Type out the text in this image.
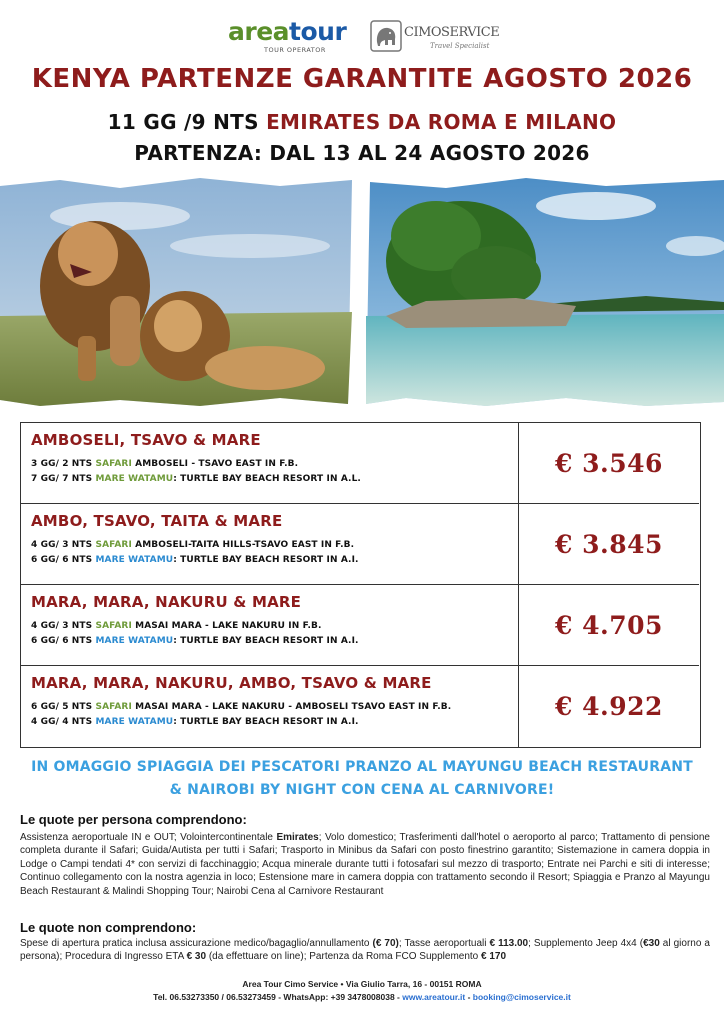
areatour
TOUR OPERATOR
CIMOSERVICE
Travel Specialist
KENYA PARTENZE GARANTITE AGOSTO 2026
11 GG /9 NTS EMIRATES DA ROMA E MILANO
PARTENZA: DAL 13 AL 24 AGOSTO 2026
AMBOSELI, TSAVO & MARE
3 GG/ 2 NTS SAFARI AMBOSELI - TSAVO EAST IN F.B.
7 GG/ 7 NTS MARE WATAMU: TURTLE BAY BEACH RESORT IN A.L.
€ 3.546
AMBO, TSAVO, TAITA & MARE
4 GG/ 3 NTS SAFARI AMBOSELI-TAITA HILLS-TSAVO EAST IN F.B.
6 GG/ 6 NTS MARE WATAMU: TURTLE BAY BEACH RESORT IN A.I.
€ 3.845
MARA, MARA, NAKURU & MARE
4 GG/ 3 NTS SAFARI MASAI MARA - LAKE NAKURU IN F.B.
6 GG/ 6 NTS MARE WATAMU: TURTLE BAY BEACH RESORT IN A.I.
€ 4.705
MARA, MARA, NAKURU, AMBO, TSAVO & MARE
6 GG/ 5 NTS SAFARI MASAI MARA - LAKE NAKURU - AMBOSELI TSAVO EAST IN F.B.
4 GG/ 4 NTS MARE WATAMU: TURTLE BAY BEACH RESORT IN A.I.
€ 4.922
IN OMAGGIO SPIAGGIA DEI PESCATORI PRANZO AL MAYUNGU BEACH RESTAURANT
& NAIROBI BY NIGHT CON CENA AL CARNIVORE!
Le quote per persona comprendono:
Assistenza aeroportuale IN e OUT; Volointercontinentale Emirates; Volo domestico; Trasferimenti dall'hotel o aeroporto al parco; Trattamento di pensione completa durante il Safari; Guida/Autista per tutti i Safari; Trasporto in Minibus da Safari con posto finestrino garantito; Sistemazione in camera doppia in Lodge o Campi tendati 4* con servizi di facchinaggio; Acqua minerale durante tutti i fotosafari sul mezzo di trasporto; Entrate nei Parchi e siti di interesse; Continuo collegamento con la nostra agenzia in loco; Estensione mare in camera doppia con trattamento secondo il Resort; Spiaggia e Pranzo al Mayungu Beach Restaurant & Malindi Shopping Tour; Nairobi Cena al Carnivore Restaurant
Le quote non comprendono:
Spese di apertura pratica inclusa assicurazione medico/bagaglio/annullamento (€ 70); Tasse aeroportuali € 113.00; Supplemento Jeep 4x4 (€30 al giorno a persona); Procedura di Ingresso ETA € 30 (da effettuare on line); Partenza da Roma FCO Supplemento € 170
Area Tour Cimo Service • Via Giulio Tarra, 16 - 00151 ROMA
Tel. 06.53273350 / 06.53273459 - WhatsApp: +39 3478008038 - www.areatour.it - booking@cimoservice.it
